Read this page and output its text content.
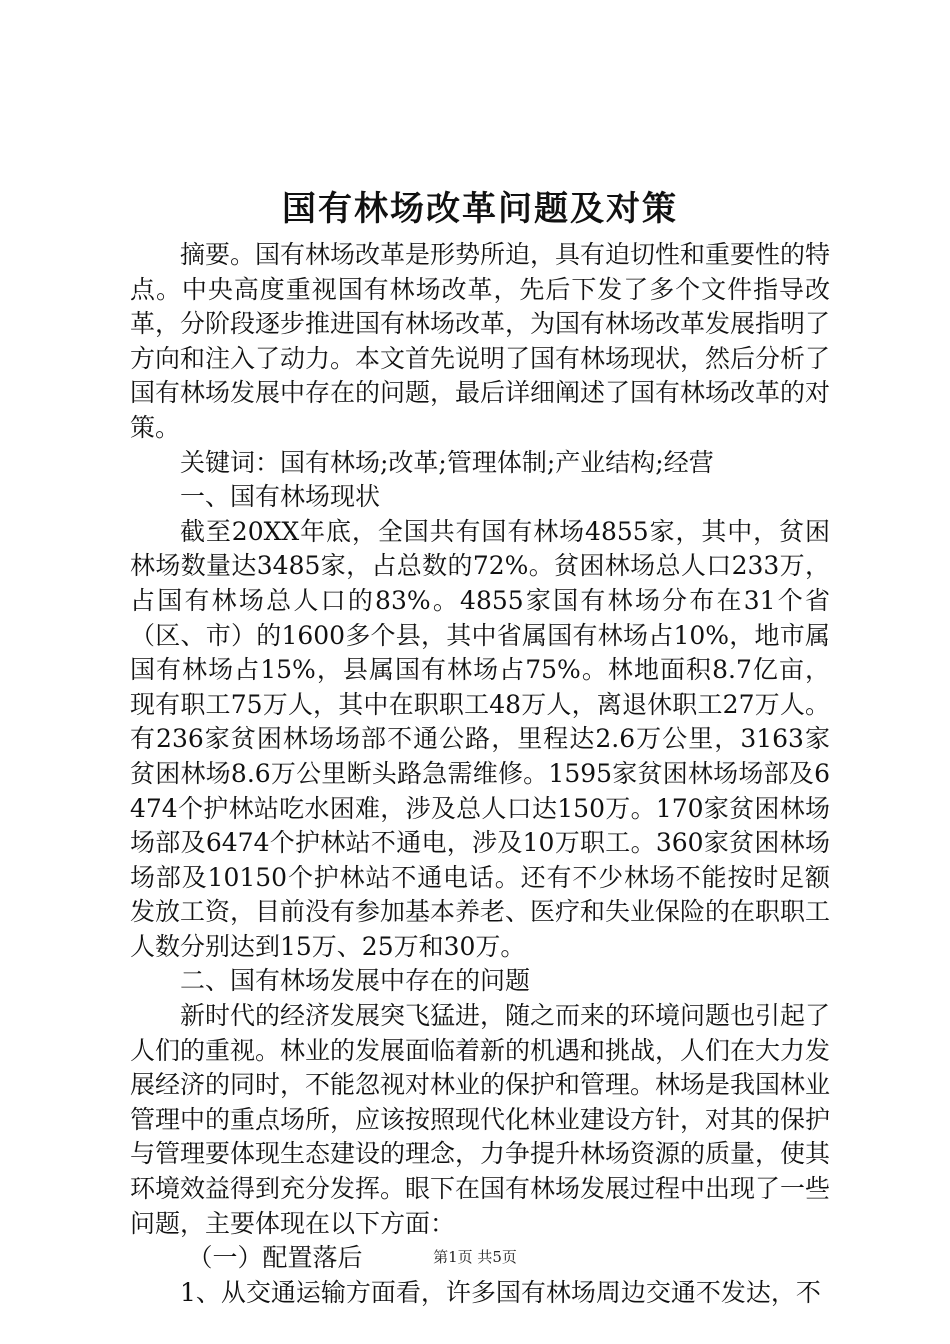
国有林场改革问题及对策

摘要。国有林场改革是形势所迫，具有迫切性和重要性的特点。中央高度重视国有林场改革，先后下发了多个文件指导改革，分阶段逐步推进国有林场改革，为国有林场改革发展指明了方向和注入了动力。本文首先说明了国有林场现状，然后分析了国有林场发展中存在的问题，最后详细阐述了国有林场改革的对策。

关键词：国有林场;改革;管理体制;产业结构;经营

一、国有林场现状

截至20XX年底，全国共有国有林场4855家，其中，贫困林场数量达3485家，占总数的72%。贫困林场总人口233万，占国有林场总人口的83%。4855家国有林场分布在31个省（区、市）的1600多个县，其中省属国有林场占10%，地市属国有林场占15%，县属国有林场占75%。林地面积8.7亿亩，现有职工75万人，其中在职职工48万人，离退休职工27万人。有236家贫困林场场部不通公路，里程达2.6万公里，3163家贫困林场8.6万公里断头路急需维修。1595家贫困林场场部及6474个护林站吃水困难，涉及总人口达150万。170家贫困林场场部及6474个护林站不通电，涉及10万职工。360家贫困林场场部及10150个护林站不通电话。还有不少林场不能按时足额发放工资，目前没有参加基本养老、医疗和失业保险的在职职工人数分别达到15万、25万和30万。

二、国有林场发展中存在的问题

新时代的经济发展突飞猛进，随之而来的环境问题也引起了人们的重视。林业的发展面临着新的机遇和挑战，人们在大力发展经济的同时，不能忽视对林业的保护和管理。林场是我国林业管理中的重点场所，应该按照现代化林业建设方针，对其的保护与管理要体现生态建设的理念，力争提升林场资源的质量，使其环境效益得到充分发挥。眼下在国有林场发展过程中出现了一些问题，主要体现在以下方面：

（一）配置落后

1、从交通运输方面看，许多国有林场周边交通不发达，不

第1页 共5页
